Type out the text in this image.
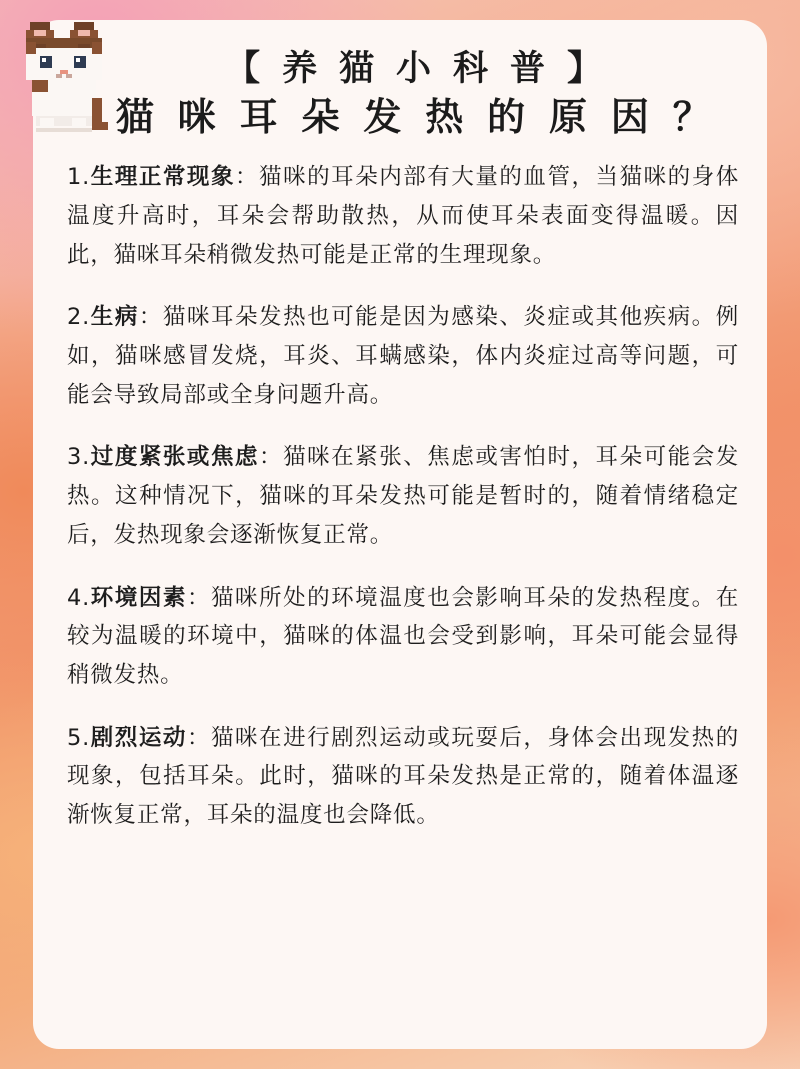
【 养 猫 小 科 普 】
猫 咪 耳 朵 发 热 的 原 因 ？

1.生理正常现象：猫咪的耳朵内部有大量的血管，当猫咪的身体温度升高时，耳朵会帮助散热，从而使耳朵表面变得温暖。因此，猫咪耳朵稍微发热可能是正常的生理现象。

2.生病：猫咪耳朵发热也可能是因为感染、炎症或其他疾病。例如，猫咪感冒发烧，耳炎、耳螨感染，体内炎症过高等问题，可能会导致局部或全身问题升高。

3.过度紧张或焦虑：猫咪在紧张、焦虑或害怕时，耳朵可能会发热。这种情况下，猫咪的耳朵发热可能是暂时的，随着情绪稳定后，发热现象会逐渐恢复正常。

4.环境因素：猫咪所处的环境温度也会影响耳朵的发热程度。在较为温暖的环境中，猫咪的体温也会受到影响，耳朵可能会显得稍微发热。

5.剧烈运动：猫咪在进行剧烈运动或玩耍后，身体会出现发热的现象，包括耳朵。此时，猫咪的耳朵发热是正常的，随着体温逐渐恢复正常，耳朵的温度也会降低。
